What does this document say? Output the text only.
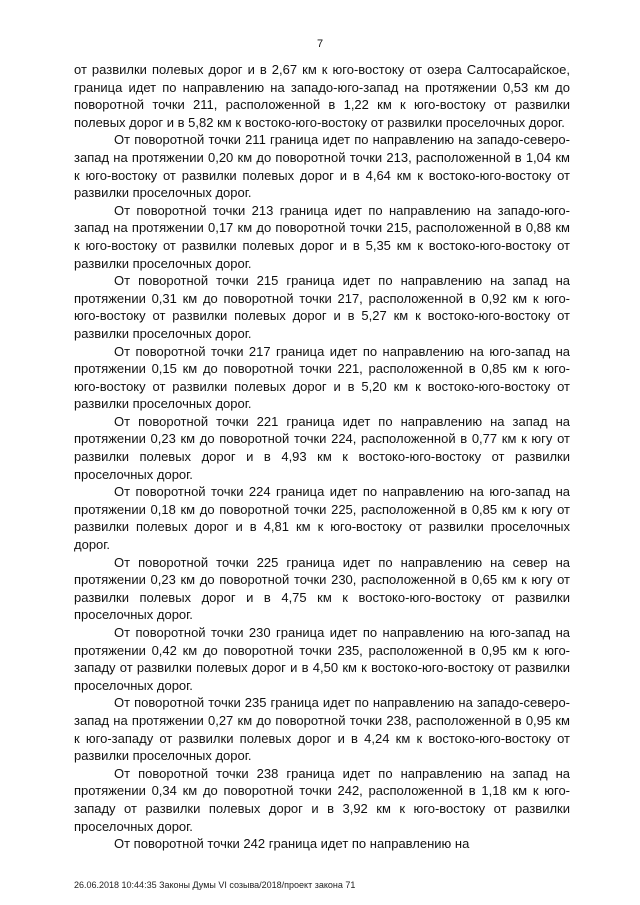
7

от развилки полевых дорог и в 2,67 км к юго-востоку от озера Салтосарайское, граница идет по направлению на западо-юго-запад на протяжении 0,53 км до поворотной точки 211, расположенной в 1,22 км к юго-востоку от развилки полевых дорог и в 5,82 км к востоко-юго-востоку от развилки проселочных дорог.

От поворотной точки 211 граница идет по направлению на западо-северо-запад на протяжении 0,20 км до поворотной точки 213, расположенной в 1,04 км к юго-востоку от развилки полевых дорог и в 4,64 км к востоко-юго-востоку от развилки проселочных дорог.

От поворотной точки 213 граница идет по направлению на западо-юго-запад на протяжении 0,17 км до поворотной точки 215, расположенной в 0,88 км к юго-востоку от развилки полевых дорог и в 5,35 км к востоко-юго-востоку от развилки проселочных дорог.

От поворотной точки 215 граница идет по направлению на запад на протяжении 0,31 км до поворотной точки 217, расположенной в 0,92 км к юго-юго-востоку от развилки полевых дорог и в 5,27 км к востоко-юго-востоку от развилки проселочных дорог.

От поворотной точки 217 граница идет по направлению на юго-запад на протяжении 0,15 км до поворотной точки 221, расположенной в 0,85 км к юго-юго-востоку от развилки полевых дорог и в 5,20 км к востоко-юго-востоку от развилки проселочных дорог.

От поворотной точки 221 граница идет по направлению на запад на протяжении 0,23 км до поворотной точки 224, расположенной в 0,77 км к югу от развилки полевых дорог и в 4,93 км к востоко-юго-востоку от развилки проселочных дорог.

От поворотной точки 224 граница идет по направлению на юго-запад на протяжении 0,18 км до поворотной точки 225, расположенной в 0,85 км к югу от развилки полевых дорог и в 4,81 км к юго-востоку от развилки проселочных дорог.

От поворотной точки 225 граница идет по направлению на север на протяжении 0,23 км до поворотной точки 230, расположенной в 0,65 км к югу от развилки полевых дорог и в 4,75 км к востоко-юго-востоку от развилки проселочных дорог.

От поворотной точки 230 граница идет по направлению на юго-запад на протяжении 0,42 км до поворотной точки 235, расположенной в 0,95 км к юго-западу от развилки полевых дорог и в 4,50 км к востоко-юго-востоку от развилки проселочных дорог.

От поворотной точки 235 граница идет по направлению на западо-северо-запад на протяжении 0,27 км до поворотной точки 238, расположенной в 0,95 км к юго-западу от развилки полевых дорог и в 4,24 км к востоко-юго-востоку от развилки проселочных дорог.

От поворотной точки 238 граница идет по направлению на запад на протяжении 0,34 км до поворотной точки 242, расположенной в 1,18 км к юго-западу от развилки полевых дорог и в 3,92 км к юго-востоку от развилки проселочных дорог.

От поворотной точки 242 граница идет по направлению на

26.06.2018 10:44:35 Законы Думы VI созыва/2018/проект закона 71
